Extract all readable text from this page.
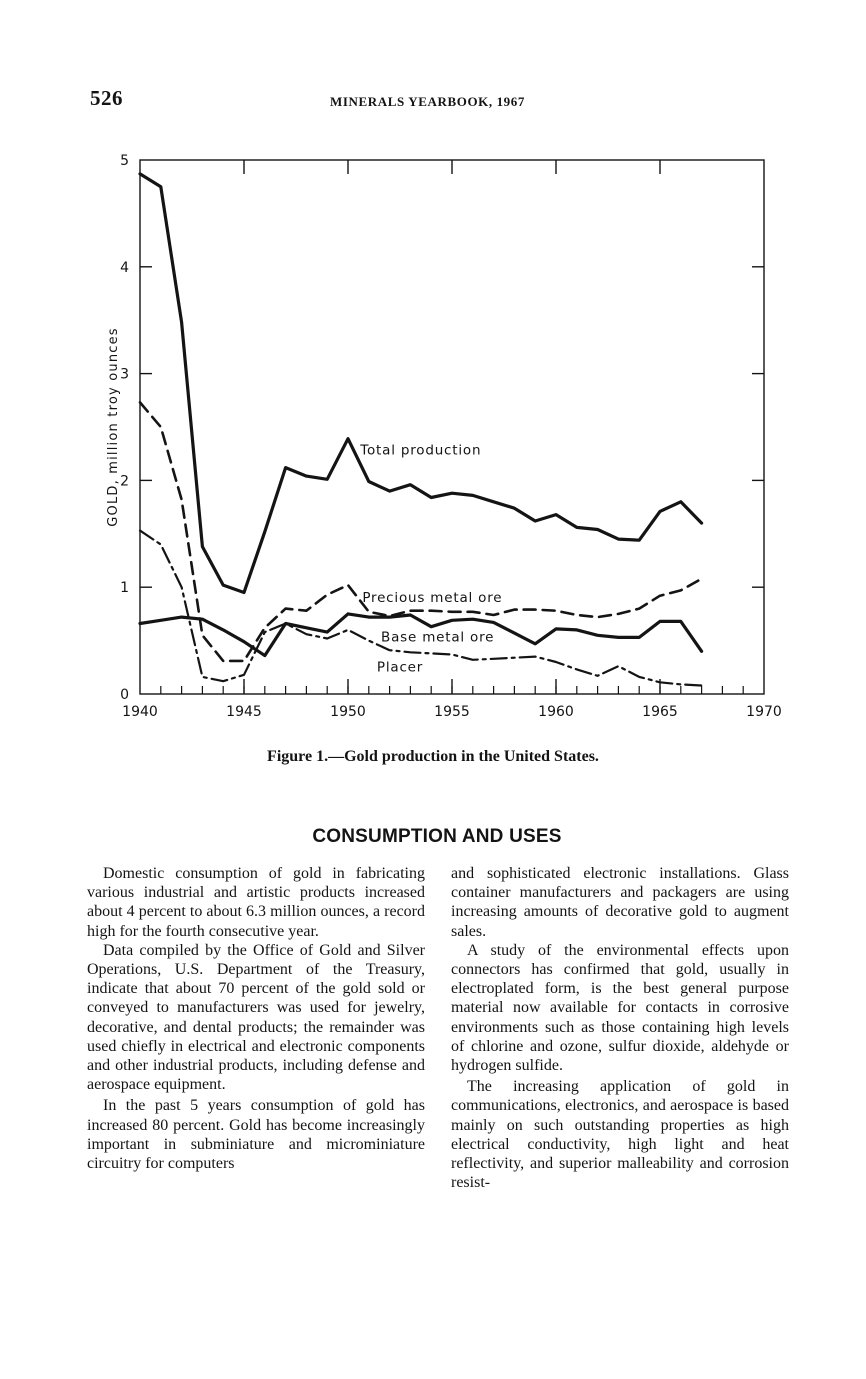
526	MINERALS YEARBOOK, 1967
1940	1945	1950	1955	1960	1965	1970
0
1
2
3
4
5
Total production
Precious metal ore
Base metal ore
Placer
GOLD, million troy ounces
Figure 1.—Gold production in the United States.
CONSUMPTION AND USES

Domestic consumption of gold in fabricating various industrial and artistic products increased about 4 percent to about 6.3 million ounces, a record high for the fourth consecutive year.

Data compiled by the Office of Gold and Silver Operations, U.S. Department of the Treasury, indicate that about 70 percent of the gold sold or conveyed to manufacturers was used for jewelry, decorative, and dental products; the remainder was used chiefly in electrical and electronic components and other industrial products, including defense and aerospace equipment.

In the past 5 years consumption of gold has increased 80 percent. Gold has become increasingly important in subminiature and microminiature circuitry for computers

and sophisticated electronic installations. Glass container manufacturers and packagers are using increasing amounts of decorative gold to augment sales.

A study of the environmental effects upon connectors has confirmed that gold, usually in electroplated form, is the best general purpose material now available for contacts in corrosive environments such as those containing high levels of chlorine and ozone, sulfur dioxide, aldehyde or hydrogen sulfide.

The increasing application of gold in communications, electronics, and aerospace is based mainly on such outstanding properties as high electrical conductivity, high light and heat reflectivity, and superior malleability and corrosion resist-
